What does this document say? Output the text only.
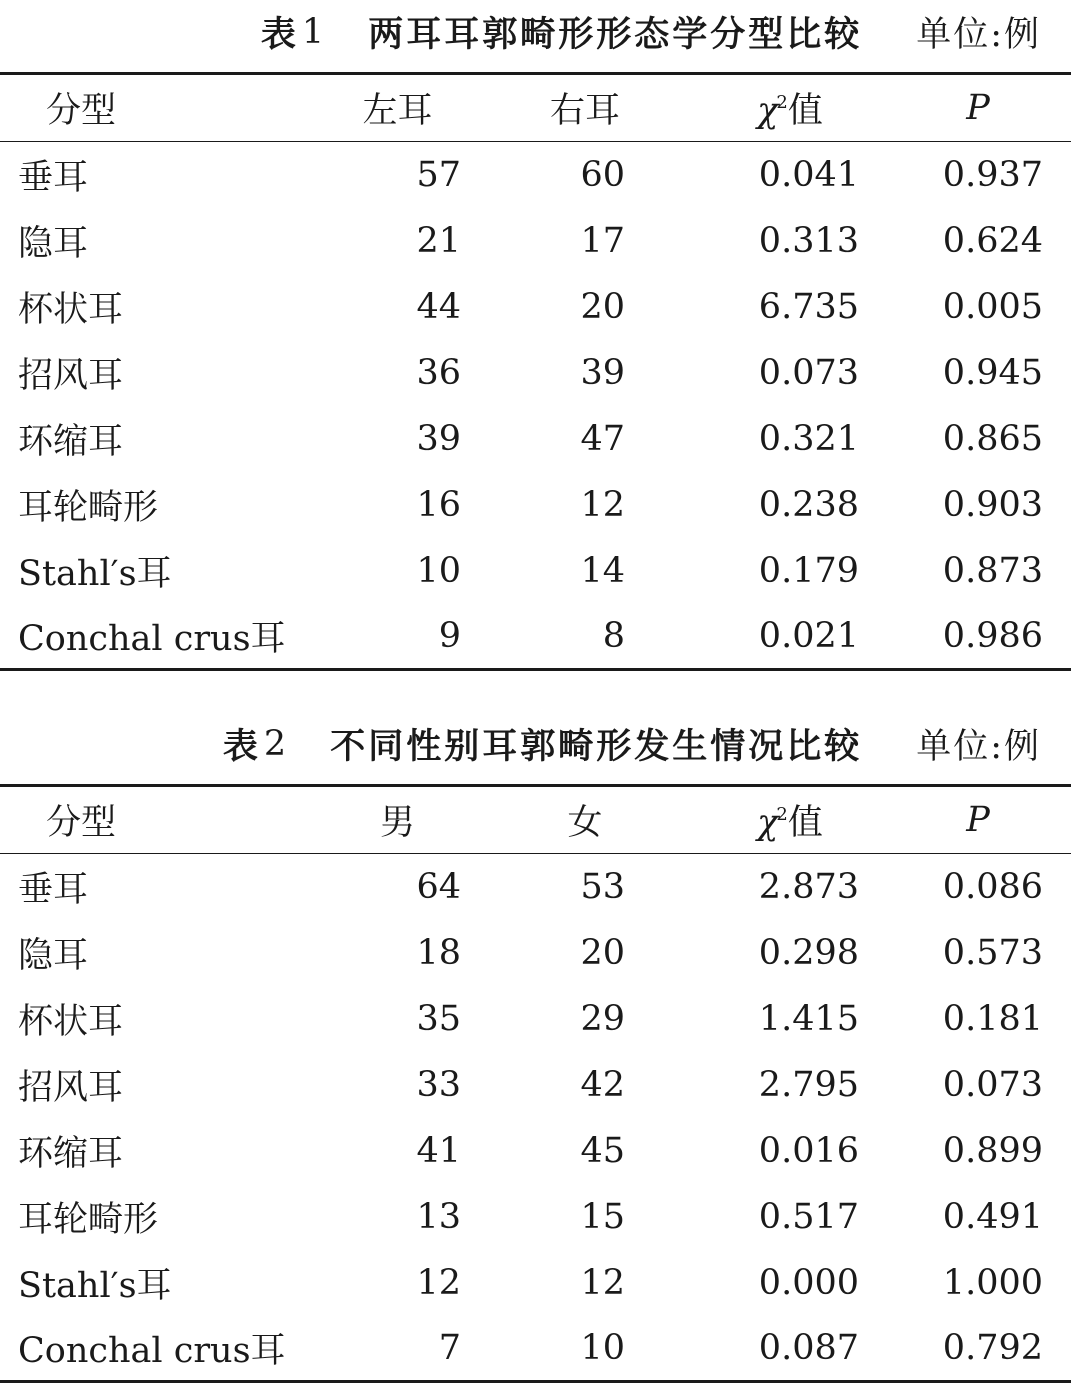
表 1 两耳耳郭畸形形态学分型比较 单位:例
分型	左耳	右耳	$\chi^2$值	P
垂耳	57	60	0.041	0.937
隐耳	21	17	0.313	0.624
杯状耳	44	20	6.735	0.005
招风耳	36	39	0.073	0.945
环缩耳	39	47	0.321	0.865
耳轮畸形	16	12	0.238	0.903
Stahl′s耳	10	14	0.179	0.873
Conchal crus耳	9	8	0.021	0.986
表 2 不同性别耳郭畸形发生情况比较 单位:例
分型	男	女	$\chi^2$值	P
垂耳	64	53	2.873	0.086
隐耳	18	20	0.298	0.573
杯状耳	35	29	1.415	0.181
招风耳	33	42	2.795	0.073
环缩耳	41	45	0.016	0.899
耳轮畸形	13	15	0.517	0.491
Stahl′s耳	12	12	0.000	1.000
Conchal crus耳	7	10	0.087	0.792
